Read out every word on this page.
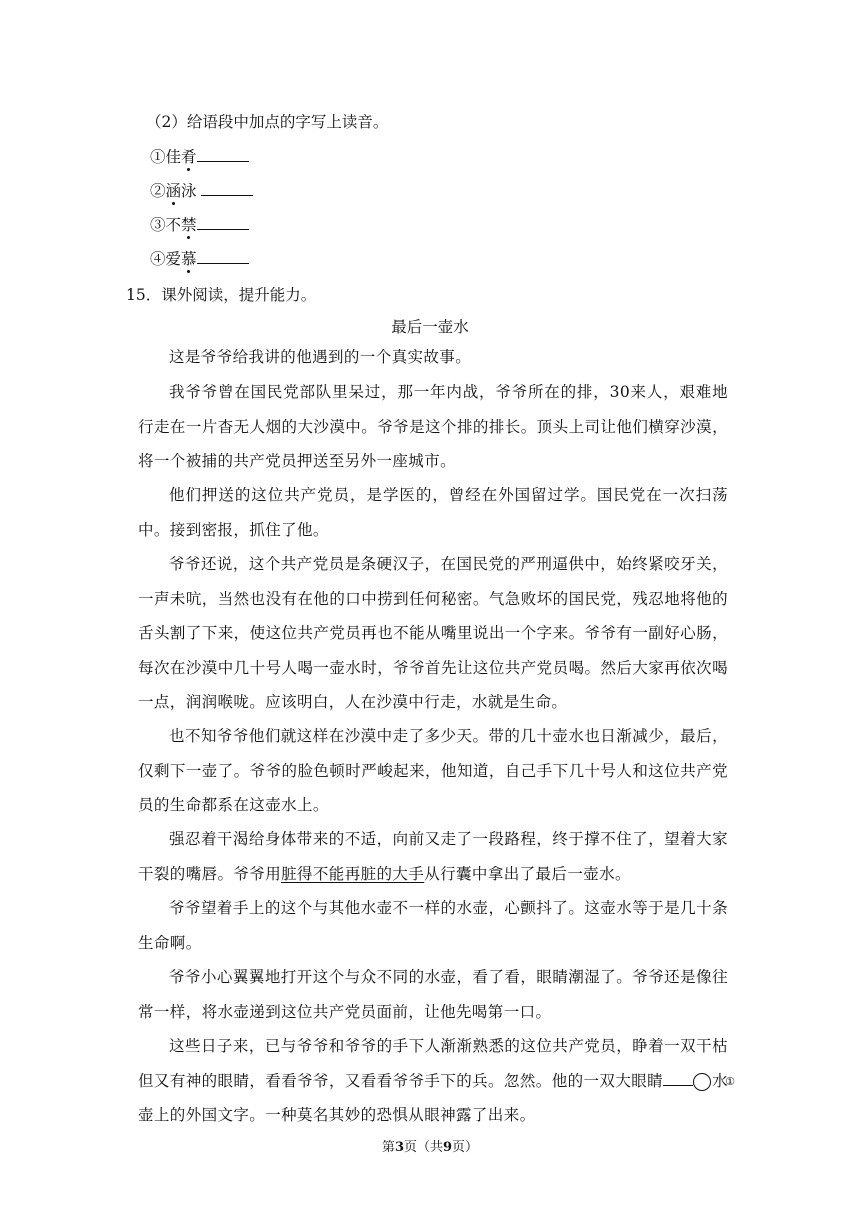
（2）给语段中加点的字写上读音。
①佳肴
②涵泳
③不禁
④爱慕
15．课外阅读，提升能力。
最后一壶水
这是爷爷给我讲的他遇到的一个真实故事。
我爷爷曾在国民党部队里呆过，那一年内战，爷爷所在的排，30来人，艰难地行走在一片杳无人烟的大沙漠中。爷爷是这个排的排长。顶头上司让他们横穿沙漠，将一个被捕的共产党员押送至另外一座城市。
他们押送的这位共产党员，是学医的，曾经在外国留过学。国民党在一次扫荡中。接到密报，抓住了他。
爷爷还说，这个共产党员是条硬汉子，在国民党的严刑逼供中，始终紧咬牙关，一声未吭，当然也没有在他的口中捞到任何秘密。气急败坏的国民党，残忍地将他的舌头割了下来，使这位共产党员再也不能从嘴里说出一个字来。爷爷有一副好心肠，每次在沙漠中几十号人喝一壶水时，爷爷首先让这位共产党员喝。然后大家再依次喝一点，润润喉咙。应该明白，人在沙漠中行走，水就是生命。
也不知爷爷他们就这样在沙漠中走了多少天。带的几十壶水也日渐减少，最后，仅剩下一壶了。爷爷的脸色顿时严峻起来，他知道，自己手下几十号人和这位共产党员的生命都系在这壶水上。
强忍着干渴给身体带来的不适，向前又走了一段路程，终于撑不住了，望着大家干裂的嘴唇。爷爷用脏得不能再脏的大手从行囊中拿出了最后一壶水。
爷爷望着手上的这个与其他水壶不一样的水壶，心颤抖了。这壶水等于是几十条生命啊。
爷爷小心翼翼地打开这个与众不同的水壶，看了看，眼睛潮湿了。爷爷还是像往常一样，将水壶递到这位共产党员面前，让他先喝第一口。
这些日子来，已与爷爷和爷爷的手下人渐渐熟悉的这位共产党员，睁着一双干枯但又有神的眼睛，看看爷爷，又看看爷爷手下的兵。忽然。他的一双大眼睛	①水壶上的外国文字。一种莫名其妙的恐惧从眼神露了出来。
第3页（共9页）
